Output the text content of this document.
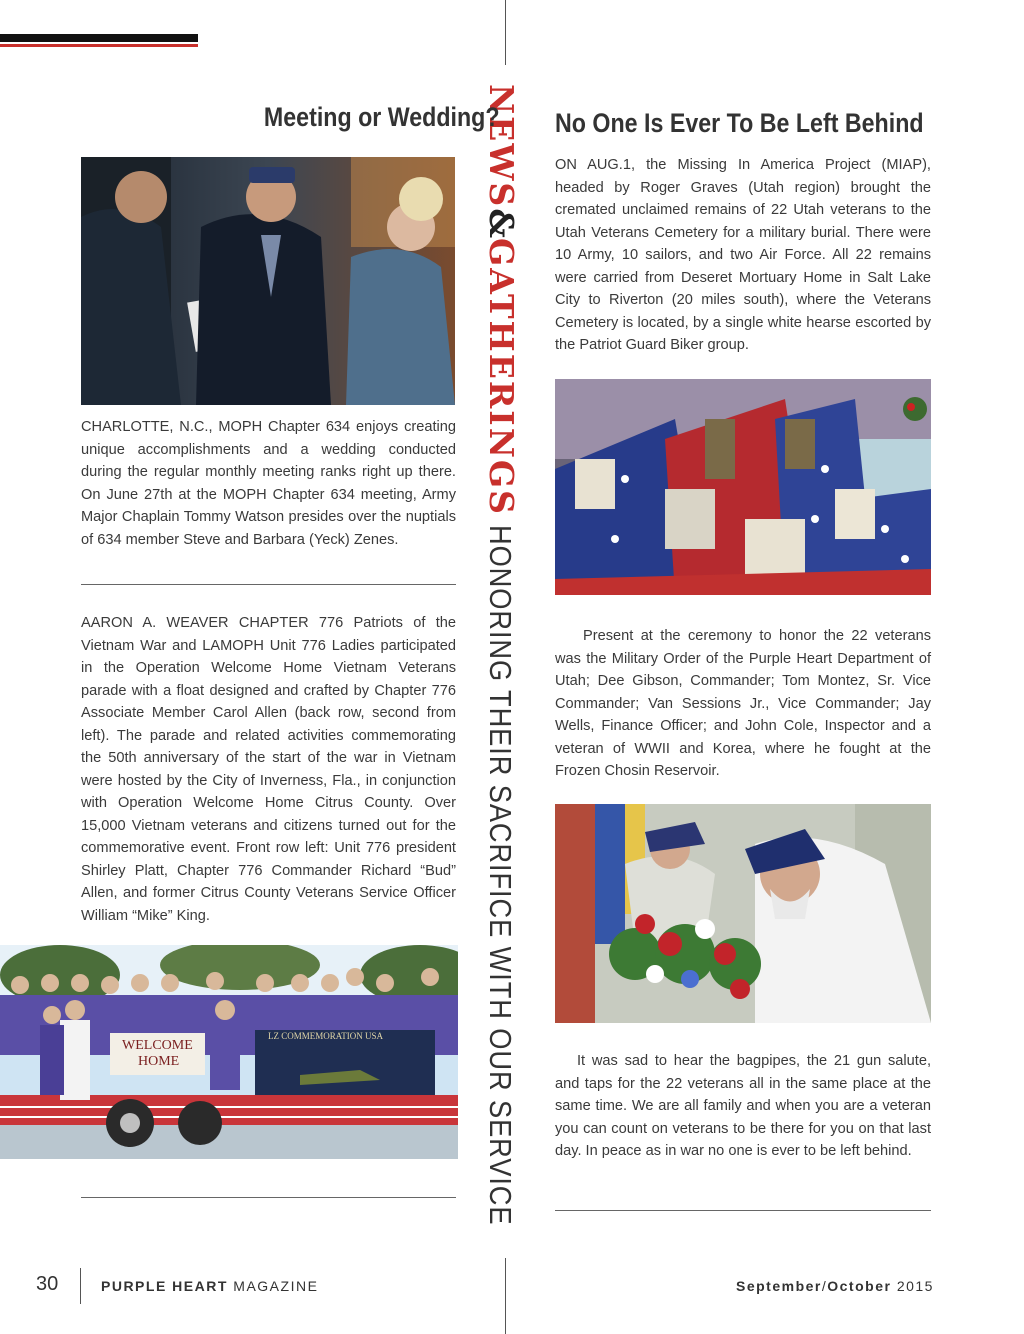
NEWS&GATHERINGS HONORING THEIR SACRIFICE WITH OUR SERVICE
Meeting or Wedding?

CHARLOTTE, N.C., MOPH Chapter 634 enjoys creating unique accomplishments and a wedding conducted during the regular monthly meeting ranks right up there. On June 27th at the MOPH Chapter 634 meeting, Army Major Chaplain Tommy Watson presides over the nuptials of 634 member Steve and Barbara (Yeck) Zenes.

AARON A. WEAVER CHAPTER 776 Patriots of the Vietnam War and LAMOPH Unit 776 Ladies participated in the Operation Welcome Home Vietnam Veterans parade with a float designed and crafted by Chapter 776 Associate Member Carol Allen (back row, second from left). The parade and related activities commemorating the 50th anniversary of the start of the war in Vietnam were hosted by the City of Inverness, Fla., in conjunction with Operation Welcome Home Citrus County. Over 15,000 Vietnam veterans and citizens turned out for the commemorative event. Front row left: Unit 776 president Shirley Platt, Chapter 776 Commander Richard “Bud” Allen, and former Citrus County Veterans Service Officer William “Mike” King.

LZ COMMEMORATION USA
WELCOME
HOME
No One Is Ever To Be Left Behind

ON AUG.1, the Missing In America Project (MIAP), headed by Roger Graves (Utah region) brought the cremated unclaimed remains of 22 Utah veterans to the Utah Veterans Cemetery for a military burial. There were 10 Army, 10 sailors, and two Air Force. All 22 remains were carried from Deseret Mortuary Home in Salt Lake City to Riverton (20 miles south), where the Veterans Cemetery is located, by a single white hearse escorted by the Patriot Guard Biker group.

Present at the ceremony to honor the 22 veterans was the Military Order of the Purple Heart Department of Utah; Dee Gibson, Commander; Tom Montez, Sr. Vice Commander; Van Sessions Jr., Vice Commander; Jay Wells, Finance Officer; and John Cole, Inspector and a veteran of WWII and Korea, where he fought at the Frozen Chosin Reservoir.

It was sad to hear the bagpipes, the 21 gun salute, and taps for the 22 veterans all in the same place at the same time. We are all family and when you are a veteran you can count on veterans to be there for you on that last day. In peace as in war no one is ever to be left behind.

30	PURPLE HEART MAGAZINE	September/October 2015
